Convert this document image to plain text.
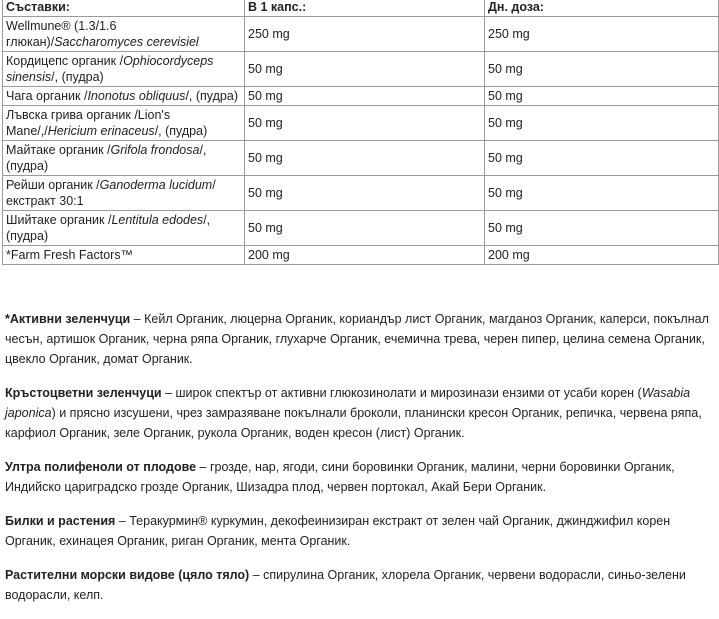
Съставки:	В 1 капс.:	Дн. доза:
Wellmune® (1.3/1.6 глюкан)/Saccharomyces cerevisiel	250 mg	250 mg
Кордицепс органик /Ophiocordyceps sinensis/, (пудра)	50 mg	50 mg
Чага органик /Inonotus obliquus/, (пудра)	50 mg	50 mg
Лъвска грива органик /Lion's Mane/,/Hericium erinaceus/, (пудра)	50 mg	50 mg
Майтаке органик /Grifola frondosa/, (пудра)	50 mg	50 mg
Рейши органик /Ganoderma lucidum/ екстракт 30:1	50 mg	50 mg
Шийтаке органик /Lentitula edodes/, (пудра)	50 mg	50 mg
*Farm Fresh Factors™	200 mg	200 mg

*Активни зеленчуци – Кейл Органик, люцерна Органик, кориандър лист Органик, магданоз Органик, каперси, покълнал чесън, артишок Органик, черна ряпа Органик, глухарче Органик, ечемична трева, черен пипер, целина семена Органик, цвекло Органик, домат Органик.

Кръстоцветни зеленчуци – широк спектър от активни глюкозинолати и мирозинази ензими от усаби корен (Wasabia japonica) и прясно изсушени, чрез замразяване покълнали броколи, планински кресон Органик, репичка, червена ряпа, карфиол Органик, зеле Органик, рукола Органик, воден кресон (лист) Органик.

Ултра полифеноли от плодове – грозде, нар, ягоди, сини боровинки Органик, малини, черни боровинки Органик, Индийско цариградско грозде Органик, Шизадра плод, червен портокал, Акай Бери Органик.

Билки и растения – Теракурмин® куркумин, декофеинизиран екстракт от зелен чай Органик, джинджифил корен Органик, ехинацея Органик, риган Органик, мента Органик.

Растителни морски видове (цяло тяло) – спирулина Органик, хлорела Органик, червени водорасли, синьо-зелени водорасли, келп.
